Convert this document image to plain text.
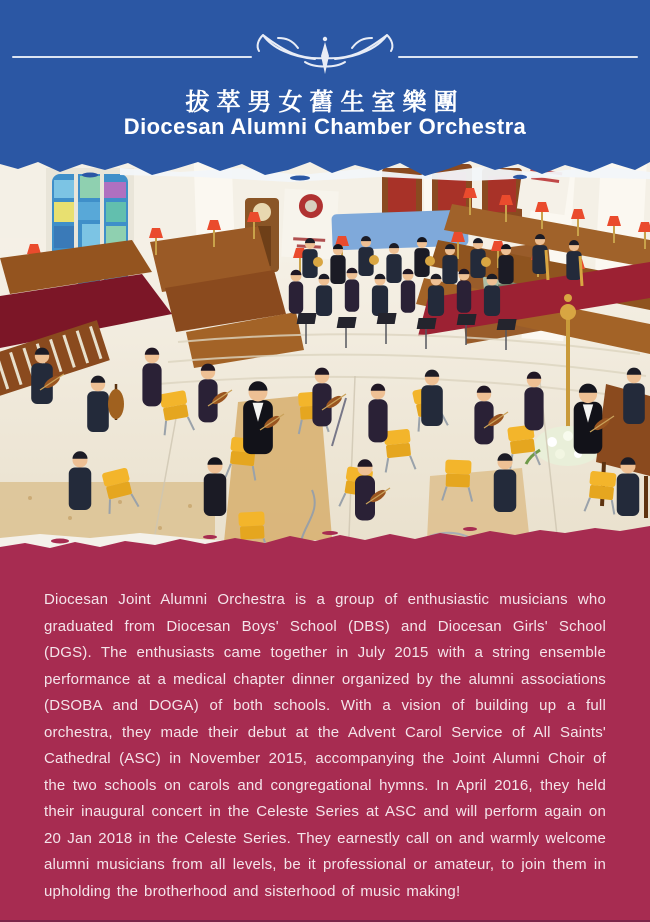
拔萃男女舊生室樂團
Diocesan Alumni Chamber Orchestra

Diocesan Joint Alumni Orchestra is a group of enthusiastic musicians who graduated from Diocesan Boys' School (DBS) and Diocesan Girls' School (DGS). The enthusiasts came together in July 2015 with a string ensemble performance at a medical chapter dinner organized by the alumni associations (DSOBA and DOGA) of both schools. With a vision of building up a full orchestra, they made their debut at the Advent Carol Service of All Saints' Cathedral (ASC) in November 2015, accompanying the Joint Alumni Choir of the two schools on carols and congregational hymns. In April 2016, they held their inaugural concert in the Celeste Series at ASC and will perform again on 20 Jan 2018 in the Celeste Series. They earnestly call on and warmly welcome alumni musicians from all levels, be it professional or amateur, to join them in upholding the brotherhood and sisterhood of music making!
